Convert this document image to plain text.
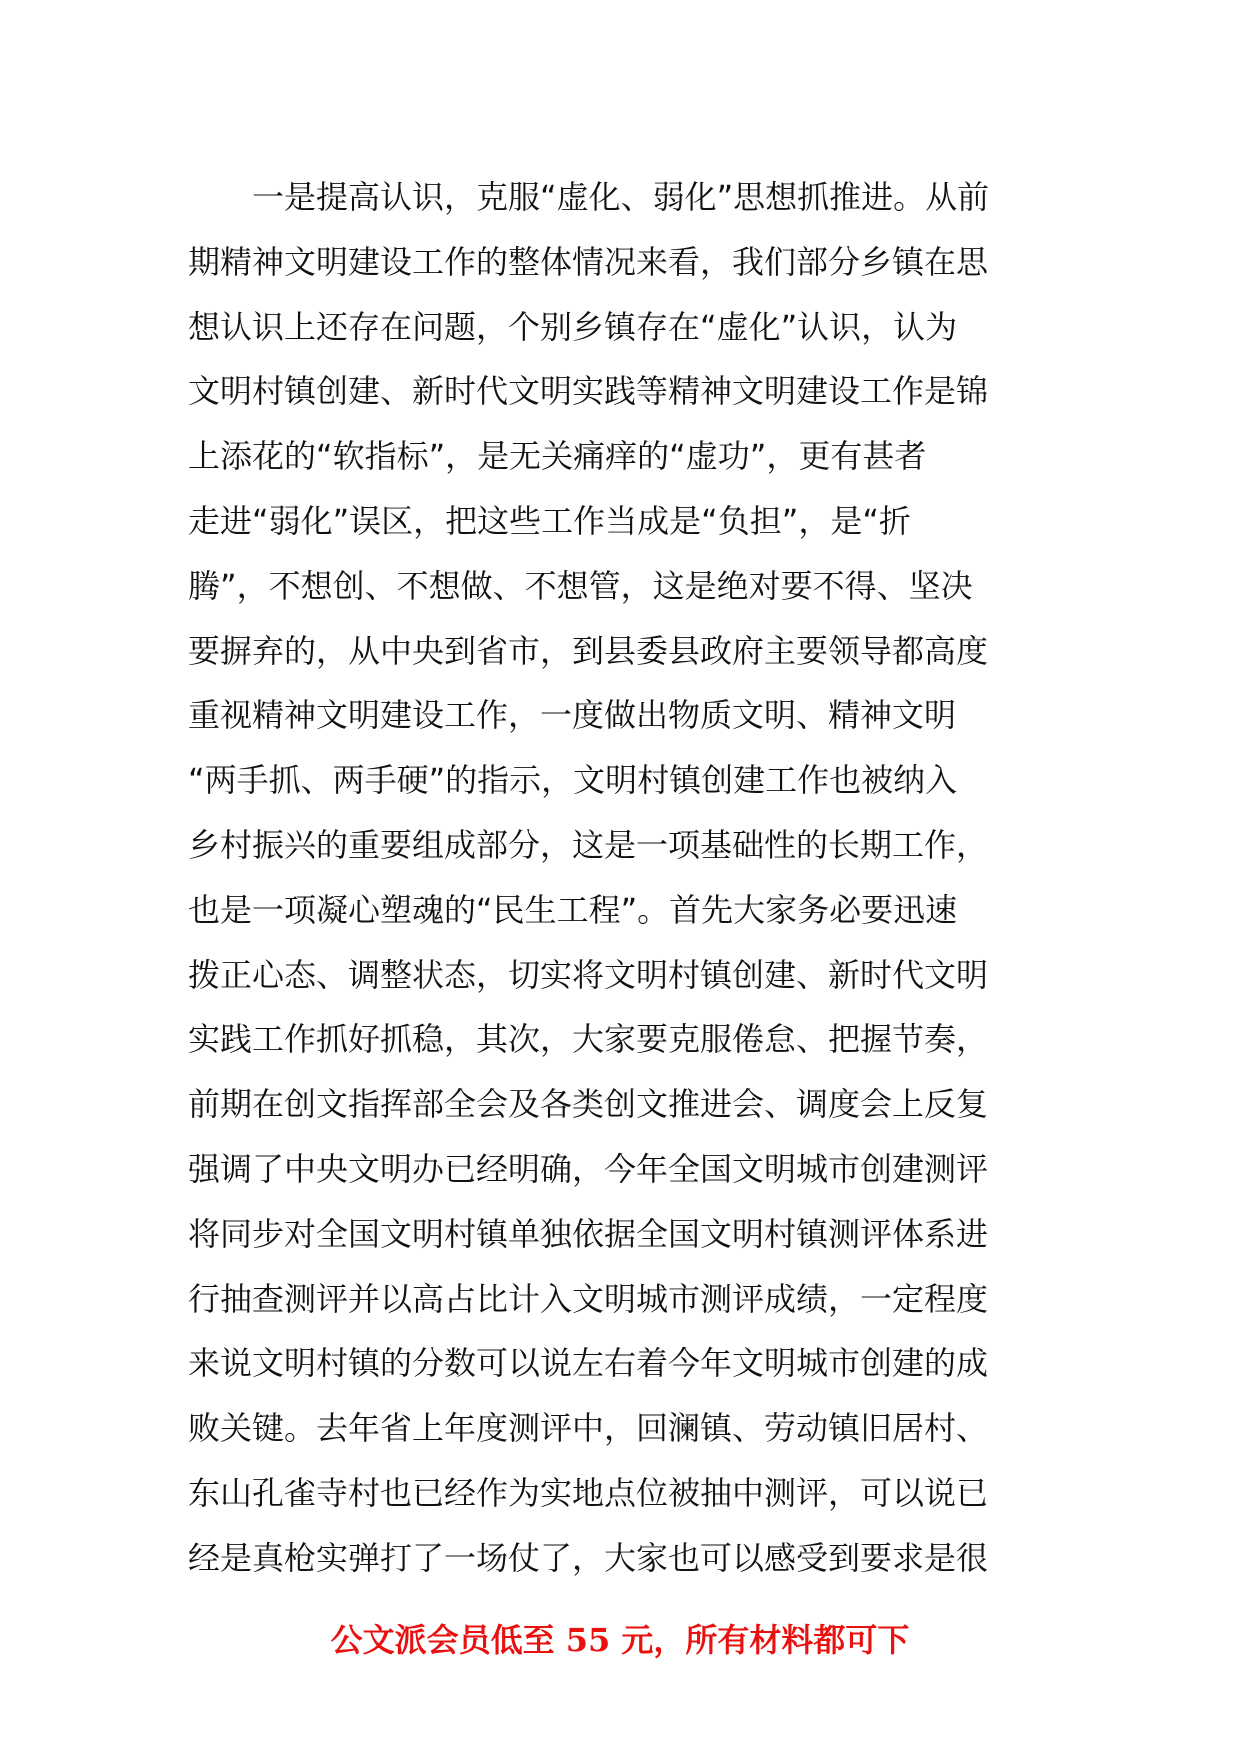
　　一是提高认识，克服“虚化、弱化”思想抓推进。从前
期精神文明建设工作的整体情况来看，我们部分乡镇在思
想认识上还存在问题，个别乡镇存在“虚化”认识，认为
文明村镇创建、新时代文明实践等精神文明建设工作是锦
上添花的“软指标”，是无关痛痒的“虚功”，更有甚者
走进“弱化”误区，把这些工作当成是“负担”，是“折
腾”，不想创、不想做、不想管，这是绝对要不得、坚决
要摒弃的，从中央到省市，到县委县政府主要领导都高度
重视精神文明建设工作，一度做出物质文明、精神文明
“两手抓、两手硬”的指示，文明村镇创建工作也被纳入
乡村振兴的重要组成部分，这是一项基础性的长期工作，
也是一项凝心塑魂的“民生工程”。首先大家务必要迅速
拨正心态、调整状态，切实将文明村镇创建、新时代文明
实践工作抓好抓稳，其次，大家要克服倦怠、把握节奏，
前期在创文指挥部全会及各类创文推进会、调度会上反复
强调了中央文明办已经明确，今年全国文明城市创建测评
将同步对全国文明村镇单独依据全国文明村镇测评体系进
行抽查测评并以高占比计入文明城市测评成绩，一定程度
来说文明村镇的分数可以说左右着今年文明城市创建的成
败关键。去年省上年度测评中，回澜镇、劳动镇旧居村、
东山孔雀寺村也已经作为实地点位被抽中测评，可以说已
经是真枪实弹打了一场仗了，大家也可以感受到要求是很

公文派会员低至 55 元，所有材料都可下
